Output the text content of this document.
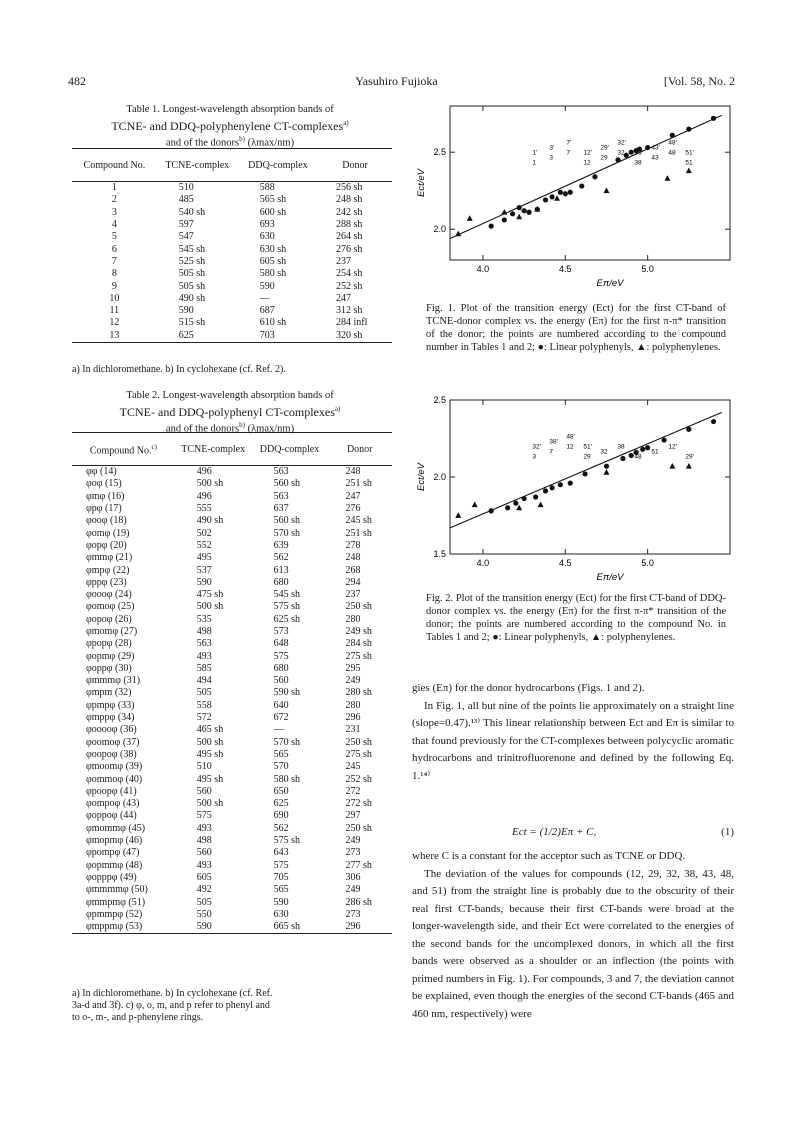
482	Yasuhiro Fujioka	[Vol. 58, No. 2
Table 1. Longest-wavelength absorption bands of
TCNE- and DDQ-polyphenylene CT-complexes$^{a)}$
and of the donors$^{b)}$ (λmax/nm)
Compound No.	TCNE-complex	DDQ-complex	Donor
1	510	588	256 sh
2	485	565 sh	248 sh
3	540 sh	600 sh	242 sh
4	597	693	288 sh
5	547	630	264 sh
6	545 sh	630 sh	276 sh
7	525 sh	605 sh	237
8	505 sh	580 sh	254 sh
9	505 sh	590	252 sh
10	490 sh	—	247
11	590	687	312 sh
12	515 sh	610 sh	284 infl
13	625	703	320 sh
a) In dichloromethane. b) In cyclohexane (cf. Ref. 2).
Table 2. Longest-wavelength absorption bands of
TCNE- and DDQ-polyphenyl CT-complexes$^{a)}$
and of the donors$^{b)}$ (λmax/nm)
Compound No.$^{c)}$	TCNE-complex	DDQ-complex	Donor
φφ (14)	496	563	248
φoφ (15)	500 sh	560 sh	251 sh
φmφ (16)	496	563	247
φpφ (17)	555	637	276
φooφ (18)	490 sh	560 sh	245 sh
φomφ (19)	502	570 sh	251 sh
φopφ (20)	552	639	278
φmmφ (21)	495	562	248
φmpφ (22)	537	613	268
φppφ (23)	590	680	294
φoooφ (24)	475 sh	545 sh	237
φomoφ (25)	500 sh	575 sh	250 sh
φopoφ (26)	535	625 sh	280
φmomφ (27)	498	573	249 sh
φpopφ (28)	563	648	284 sh
φopmφ (29)	493	575	275 sh
φoppφ (30)	585	680	295
φmmmφ (31)	494	560	249
φmpm (32)	505	590 sh	280 sh
φpmpφ (33)	558	640	280
φmppφ (34)	572	672	296
φooooφ (36)	465 sh	—	231
φoomoφ (37)	500 sh	570 sh	250 sh
φoopoφ (38)	495 sh	565	275 sh
φmoomφ (39)	510	570	245
φommoφ (40)	495 sh	580 sh	252 sh
φpoopφ (41)	560	650	272
φompoφ (43)	500 sh	625	272 sh
φoppoφ (44)	575	690	297
φmommφ (45)	493	562	250 sh
φmopmφ (46)	498	575 sh	249
φpompφ (47)	560	643	273
φopmmφ (48)	493	575	277 sh
φopppφ (49)	605	705	306
φmmmmφ (50)	492	565	249
φmmpmφ (51)	505	590	286 sh
φpmmpφ (52)	550	630	273
φmppmφ (53)	590	665 sh	296
a) In dichloromethane. b) In cyclohexane (cf. Ref.
3a-d and 3f). c) φ, o, m, and p refer to phenyl and
to o-, m-, and p-phenylene rings.
4.0	4.5	5.0
2.0
2.5
Eπ/eV
Ect/eV
1
3
7
12
29
32
38
43
48
51
1'
3'
7'
12'
29'
32'
38'
43'
48'
51'
Fig. 1. Plot of the transition energy (Ect) for the first CT-band of TCNE-donor complex vs. the energy (Eπ) for the first π-π* transition of the donor; the points are numbered according to the compound number in Tables 1 and 2; ●: Linear polyphenyls, ▲: polyphenylenes.
4.0	4.5	5.0
1.5
2.0
2.5
Eπ/eV
Ect/eV
3
7
12
29
32
38
48
51
12'
29'
32'
38'
48'
51'
Fig. 2. Plot of the transition energy (Ect) for the first CT-band of DDQ-donor complex vs. the energy (Eπ) for the first π-π* transition of the donor; the points are numbered according to the compound No. in Tables 1 and 2; ●: Linear polyphenyls, ▲: polyphenylenes.

gies (Eπ) for the donor hydrocarbons (Figs. 1 and 2).

In Fig. 1, all but nine of the points lie approximately on a straight line (slope=0.47).¹³⁾ This linear relationship between Ect and Eπ is similar to that found previously for the CT-complexes between polycyclic aromatic hydrocarbons and trinitrofluorenone and defined by the following Eq. 1.¹⁴⁾

Ect = (1/2)Eπ + C,	(1)

where C is a constant for the acceptor such as TCNE or DDQ.

The deviation of the values for compounds (12, 29, 32, 38, 43, 48, and 51) from the straight line is probably due to the obscurity of their real first CT-bands, because their first CT-bands were broad at the longer-wavelength side, and their Ect were correlated to the energies of the second bands for the uncomplexed donors, in which all the first bands were observed as a shoulder or an inflection (the points with primed numbers in Fig. 1). For compounds, 3 and 7, the deviation cannot be explained, even though the energies of the second CT-bands (465 and 460 nm, respectively) were
